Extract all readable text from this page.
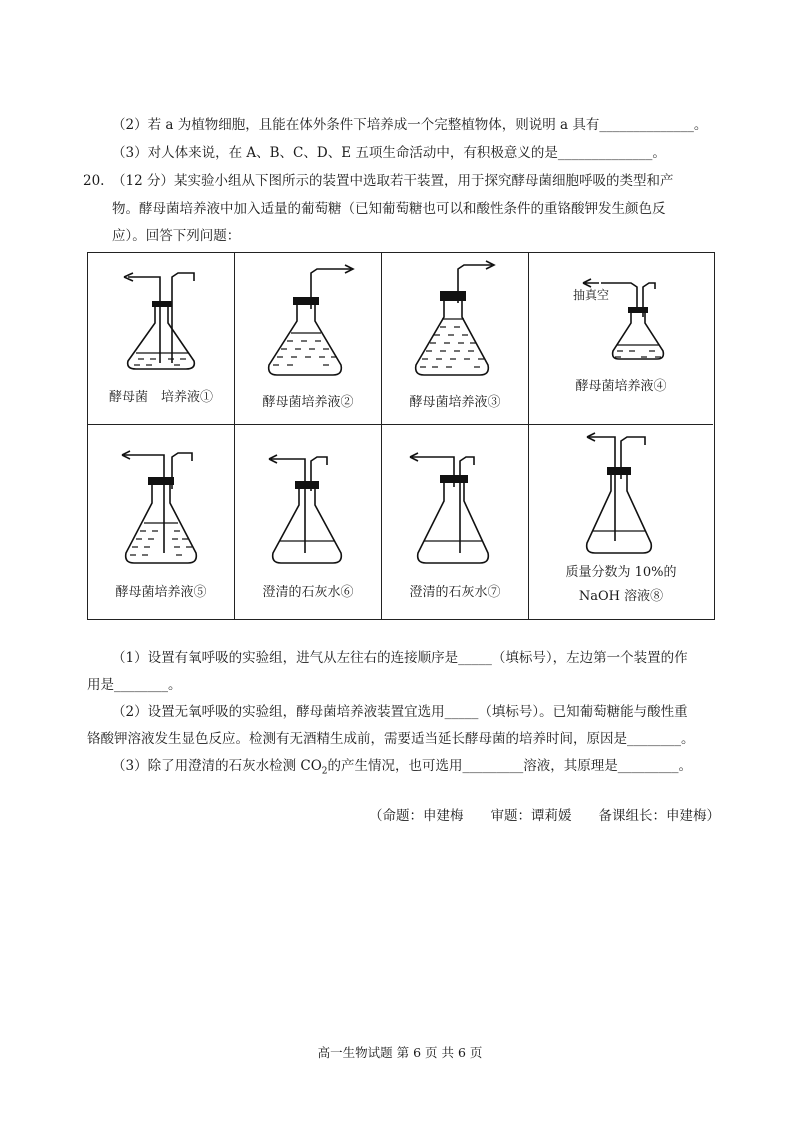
（2）若 a 为植物细胞，且能在体外条件下培养成一个完整植物体，则说明 a 具有______________。
（3）对人体来说，在 A、B、C、D、E 五项生命活动中，有积极意义的是______________。
20. （12 分）某实验小组从下图所示的装置中选取若干装置，用于探究酵母菌细胞呼吸的类型和产
物。酵母菌培养液中加入适量的葡萄糖（已知葡萄糖也可以和酸性条件的重铬酸钾发生颜色反
应）。回答下列问题：
酵母菌　培养液①	酵母菌培养液②	酵母菌培养液③
抽真空
酵母菌培养液④
酵母菌培养液⑤	澄清的石灰水⑥	澄清的石灰水⑦
质量分数为 10%的
NaOH 溶液⑧
（1）设置有氧呼吸的实验组，进气从左往右的连接顺序是_____（填标号），左边第一个装置的作
用是________。
（2）设置无氧呼吸的实验组，酵母菌培养液装置宜选用_____（填标号）。已知葡萄糖能与酸性重
铬酸钾溶液发生显色反应。检测有无酒精生成前，需要适当延长酵母菌的培养时间，原因是________。
（3）除了用澄清的石灰水检测 $CO_2$的产生情况，也可选用_________溶液，其原理是_________。
（命题：申建梅　　审题：谭莉媛　　备课组长：申建梅）
高一生物试题 第 6 页 共 6 页
